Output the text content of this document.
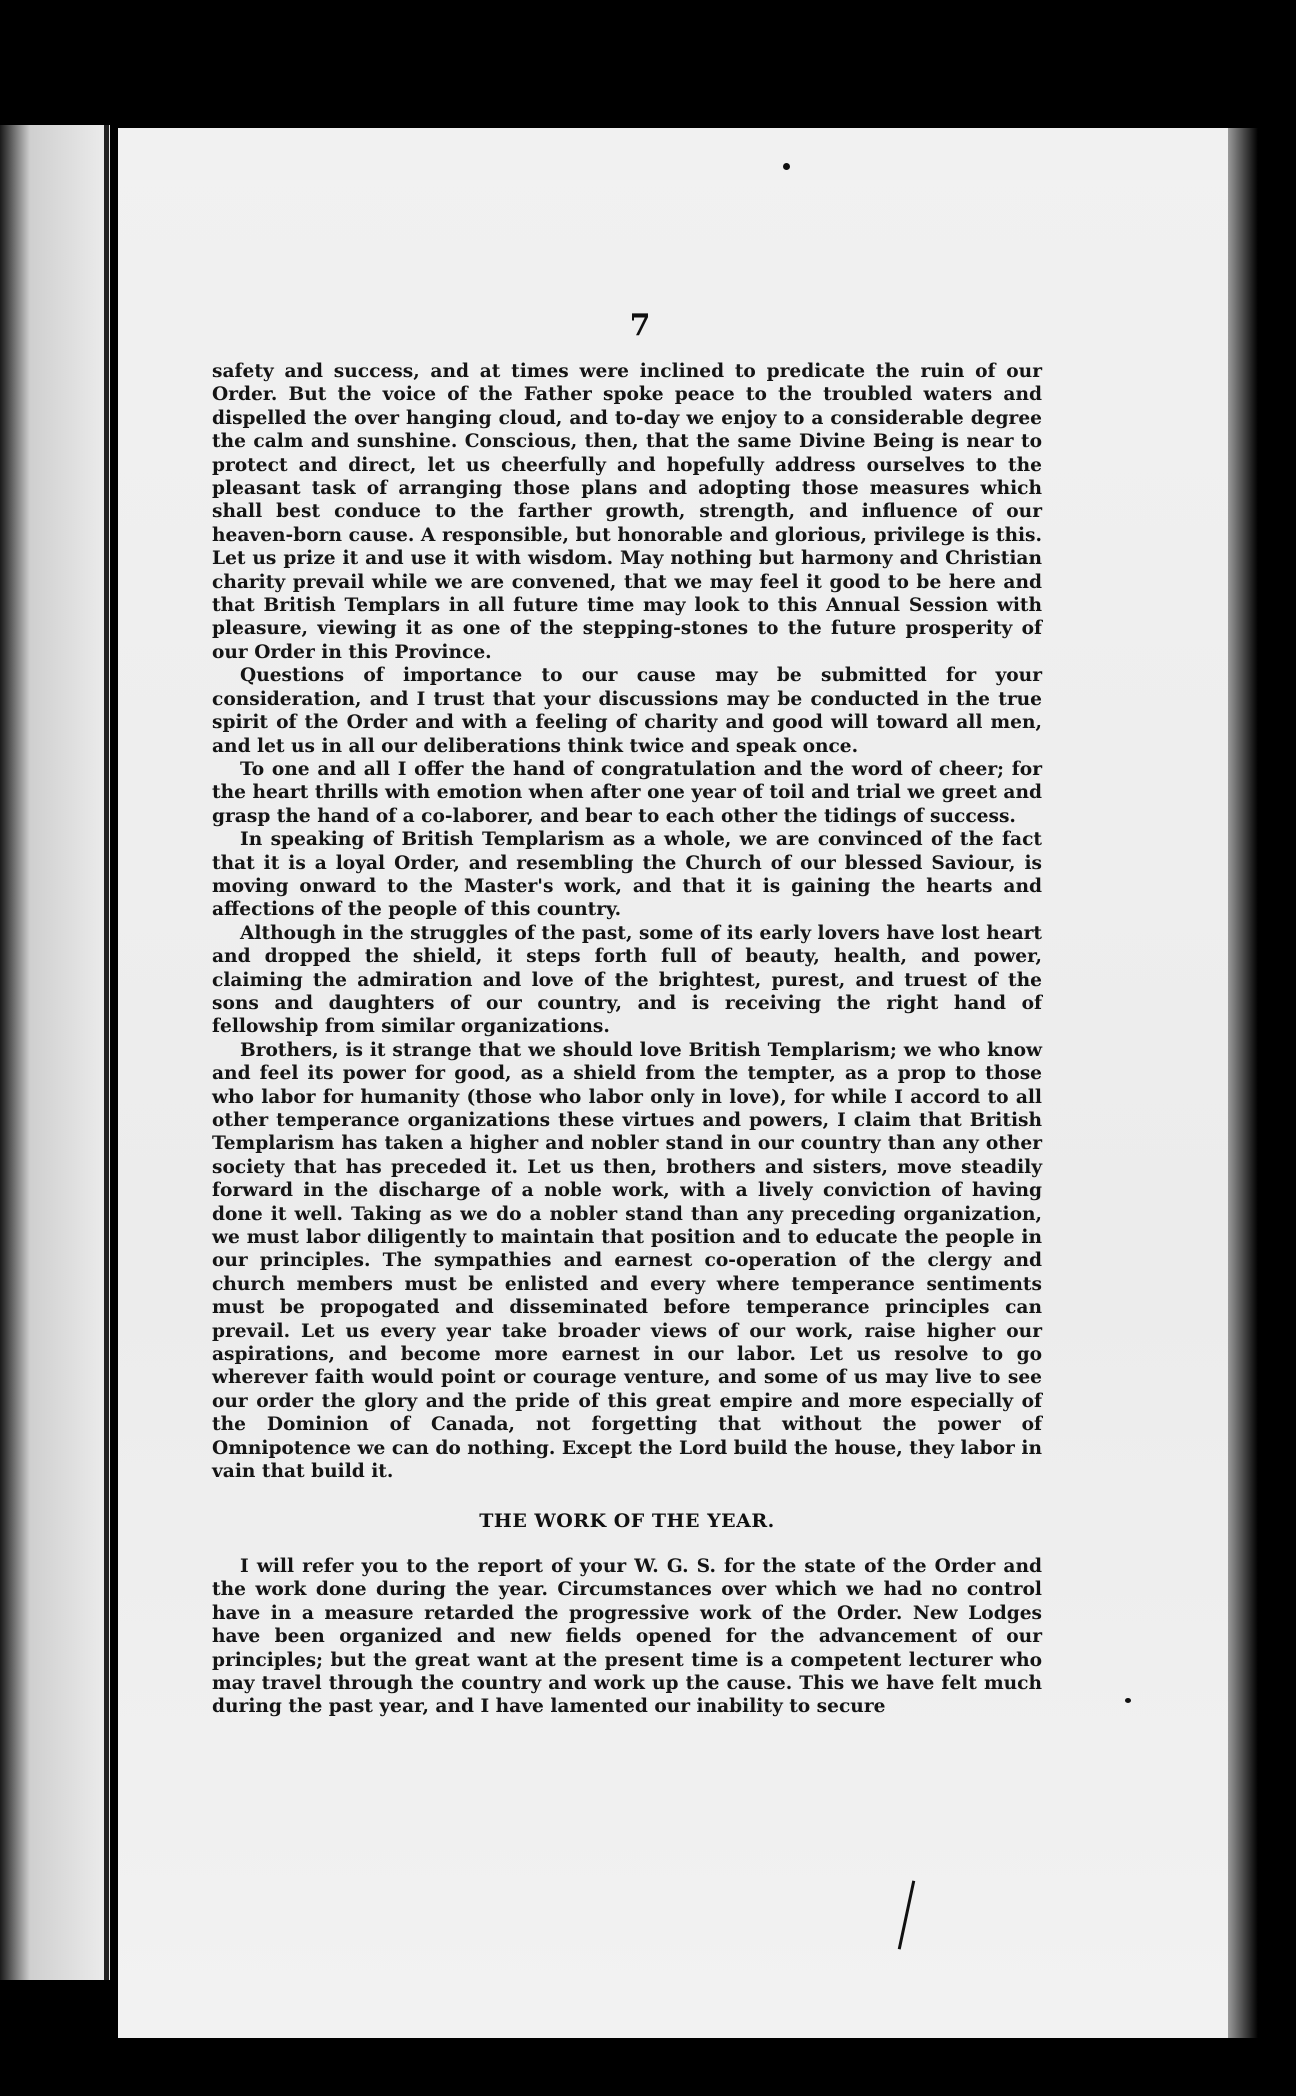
7

safety and success, and at times were inclined to predicate the ruin of our Order. But the voice of the Father spoke peace to the troubled waters and dispelled the over hanging cloud, and to-day we enjoy to a considerable degree the calm and sunshine. Conscious, then, that the same Divine Being is near to protect and direct, let us cheerfully and hopefully address ourselves to the pleasant task of arranging those plans and adopting those measures which shall best conduce to the farther growth, strength, and influence of our heaven-born cause. A responsible, but honorable and glorious, privilege is this. Let us prize it and use it with wisdom. May nothing but harmony and Christian charity prevail while we are convened, that we may feel it good to be here and that British Templars in all future time may look to this Annual Session with pleasure, viewing it as one of the stepping-stones to the future prosperity of our Order in this Province.

Questions of importance to our cause may be submitted for your consideration, and I trust that your discussions may be conducted in the true spirit of the Order and with a feeling of charity and good will toward all men, and let us in all our deliberations think twice and speak once.

To one and all I offer the hand of congratulation and the word of cheer; for the heart thrills with emotion when after one year of toil and trial we greet and grasp the hand of a co-laborer, and bear to each other the tidings of success.

In speaking of British Templarism as a whole, we are convinced of the fact that it is a loyal Order, and resembling the Church of our blessed Saviour, is moving onward to the Master's work, and that it is gaining the hearts and affections of the people of this country.

Although in the struggles of the past, some of its early lovers have lost heart and dropped the shield, it steps forth full of beauty, health, and power, claiming the admiration and love of the brightest, purest, and truest of the sons and daughters of our country, and is receiving the right hand of fellowship from similar organizations.

Brothers, is it strange that we should love British Templarism; we who know and feel its power for good, as a shield from the tempter, as a prop to those who labor for humanity (those who labor only in love), for while I accord to all other temperance organizations these virtues and powers, I claim that British Templarism has taken a higher and nobler stand in our country than any other society that has preceded it. Let us then, brothers and sisters, move steadily forward in the discharge of a noble work, with a lively conviction of having done it well. Taking as we do a nobler stand than any preceding organization, we must labor diligently to maintain that position and to educate the people in our principles. The sympathies and earnest co-operation of the clergy and church members must be enlisted and every where temperance sentiments must be propogated and disseminated before temperance principles can prevail. Let us every year take broader views of our work, raise higher our aspirations, and become more earnest in our labor. Let us resolve to go wherever faith would point or courage venture, and some of us may live to see our order the glory and the pride of this great empire and more especially of the Dominion of Canada, not forgetting that without the power of Omnipotence we can do nothing. Except the Lord build the house, they labor in vain that build it.

THE WORK OF THE YEAR.

I will refer you to the report of your W. G. S. for the state of the Order and the work done during the year. Circumstances over which we had no control have in a measure retarded the progressive work of the Order. New Lodges have been organized and new fields opened for the advancement of our principles; but the great want at the present time is a competent lecturer who may travel through the country and work up the cause. This we have felt much during the past year, and I have lamented our inability to secure
